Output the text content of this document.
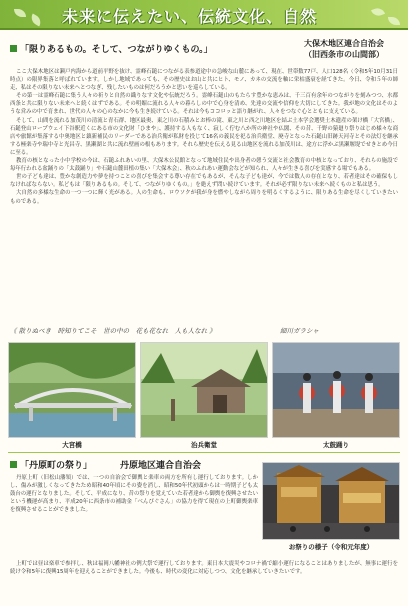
未来に伝えたい、伝統文化、自然
「限りあるもの。そして、つながりゆくもの。」
大保木地区連合自治会
（旧西条市の山間部）

ここ大保木地区は瀬戸内海から道前平野を抜け、霊峰石鎚につながる表参道途中の急峻な山麓にあって、現在、世帯数77戸、人口128名（令和5年10月31日時点）の限界集落と呼ばれています。しかし地域であっても、その歴史はお山と共にヒト、モノ、カネの交流を軸に栄枯盛衰を経てきた。今日、令和５年の師走、私はその限りない未来へとつなぎ、残したいものは何だろうかと思いを巡らしている。

その第一は霊峰石鎚に集う人々の祈りと自然の織りなす文化や伝統だろう。霊峰石鎚山のもたらす豊かな恵みは、千三百有余年のつながりを刻みつつ、水都西条と共に限りない未来へと続くはずである。その明媚に流れる人々の暮らしの中で心身を清め、先達の交流や信仰を大切にしてきた。我が地の文化はそのような営みの中で育まれ、世代の人々の心のなかに今も生き続けている。それは今もココロッと語り継がれ、人々をつなぐ心とともに支えている。

そして、山間を流れる加茂川の清流と青石群、地区最奥、東之川の石積みとお棒の滝、東之川と西之川地区を結ぶ土本学会選奨土木遺産の架け橋「大宮橋」、石鎚登山ロープウェイ下谷駅近くにある市の文化財「ひまや」、護持する人もなく、寂しく佇む八か所の神社や仏閣、その昔、千野の猿廻り祭りはじめ様々な商店や旅館が集落する中奥地区と鎮新補民のリーダーである治兵衛が私財を投じて16名の義民を祀る治兵衛堂、廃寺となった石鎚山旧跡天河寺とその法灯を継承する極楽寺や瑞中寺と光昌寺、黒瀬湖と共に流れ壁画の根もあります。それら歴史を伝える見る山地区を流れる加茂川は、途方に浮かぶ黒瀬堰堤でせきとめ今日に至る。

教育の核となった小中学校の今は、石鎚ふれあいの里、大保木公民館となって地域住民や出身者の憩う交流と社会教育の中核となっており、それらの施設で毎年行われる盆踊りの「太鼓踊り」や石鎚山麓田植の集い「大保木会」、秋のふれあい運動会などが知られ、人々が生きる喜びを実感する場でもある。

世の子ども達は、豊かな創造力や夢を持つことの喜びを集会する尊い存在でもあるが、そんな子ども達が、今では数人の存在となり、若者達はその確保もしなければならない。私どもは「限りあるもの。そして、つながりゆくもの。」を絶えず問い続けています。それが必ず限りない未来へ続くものと私は思う。

大自然の多様な生命の一つ一つに輝く光がある。人の生命も、ロウソクが我が身を燃やしながら周りを明るくするように、限りある生命を尽くしていきたいものである。

《 散りぬべき　時知りてこそ　世の中の　花も花なれ　人も人なれ 》	細川ガラシャ
大宮橋	治兵衛堂	太鼓踊り
「丹原町の祭り」	丹原地区連合自治会

丹原上町（旧松山藩領）では、一つの自治会で御輿と楽車の両方を所有し運行しております。しかし、傷みが激しくなってきたため昭和40年頃にその姿を消し、昭和50年代初頭からは一時期子ども太鼓台の運行となりました。そして、平成になり、昔の祭りを覚えていた若者達から御輿を復興させたいという機運が高まり、平成20年に西条市の補助金「べんぴぐさん」の協力を得て現在の上町御輿楽車を復興させることができました。

上町では昼は楽車で参拝し、秋は福岡八幡神社の例大祭で運行しております。東日本大震災やコロナ禍で縮小運行になることはありましたが、無事に運行を続け令和5年に復興15周年を迎えることができました。今後も、時代の変化に対応しつつ、文化を継承していきたいです。

お祭りの様子（令和元年度）
